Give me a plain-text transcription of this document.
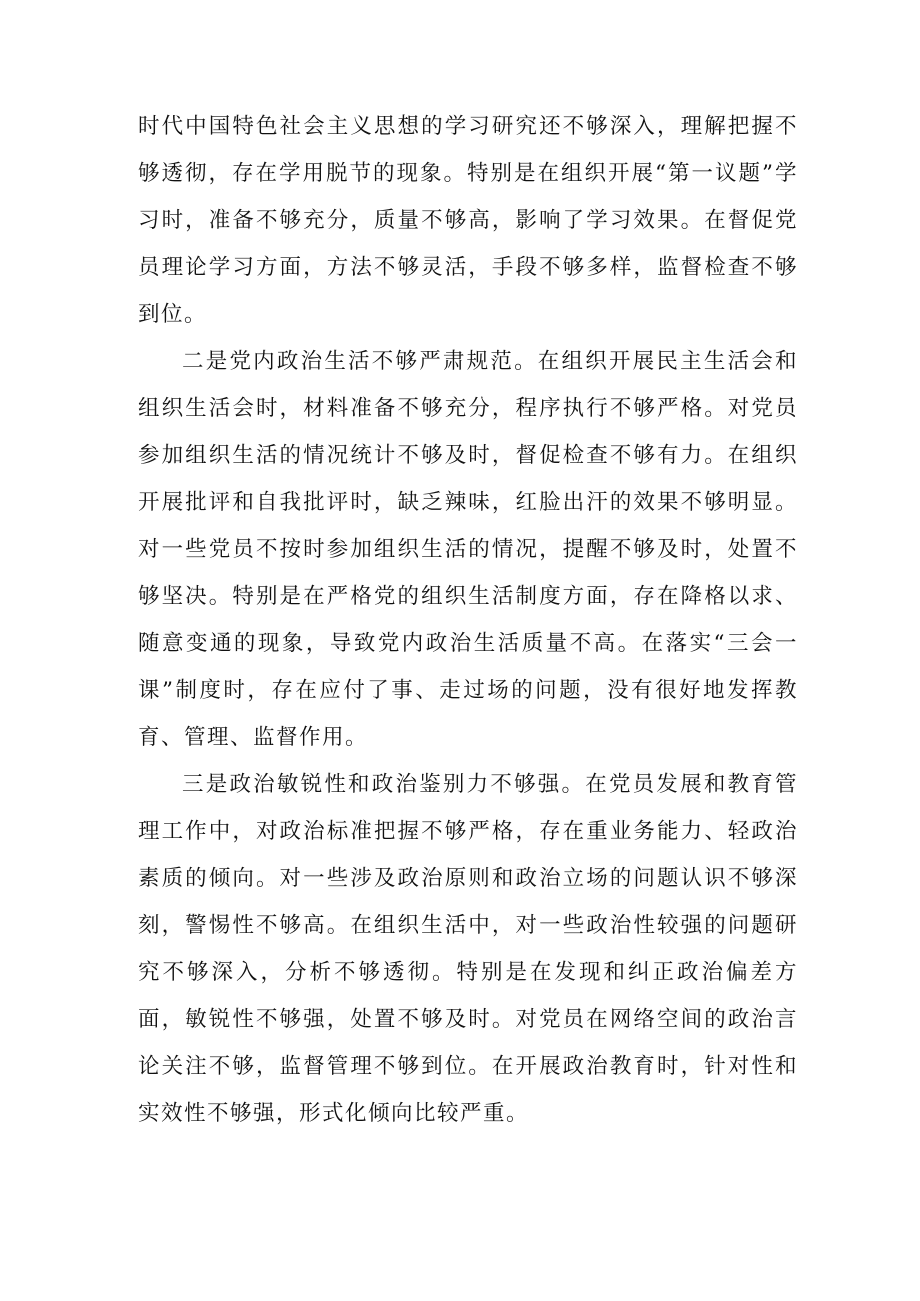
时代中国特色社会主义思想的学习研究还不够深入，理解把握不够透彻，存在学用脱节的现象。特别是在组织开展“第一议题”学习时，准备不够充分，质量不够高，影响了学习效果。在督促党员理论学习方面，方法不够灵活，手段不够多样，监督检查不够到位。

二是党内政治生活不够严肃规范。在组织开展民主生活会和组织生活会时，材料准备不够充分，程序执行不够严格。对党员参加组织生活的情况统计不够及时，督促检查不够有力。在组织开展批评和自我批评时，缺乏辣味，红脸出汗的效果不够明显。对一些党员不按时参加组织生活的情况，提醒不够及时，处置不够坚决。特别是在严格党的组织生活制度方面，存在降格以求、随意变通的现象，导致党内政治生活质量不高。在落实“三会一课”制度时，存在应付了事、走过场的问题，没有很好地发挥教育、管理、监督作用。

三是政治敏锐性和政治鉴别力不够强。在党员发展和教育管理工作中，对政治标准把握不够严格，存在重业务能力、轻政治素质的倾向。对一些涉及政治原则和政治立场的问题认识不够深刻，警惕性不够高。在组织生活中，对一些政治性较强的问题研究不够深入，分析不够透彻。特别是在发现和纠正政治偏差方面，敏锐性不够强，处置不够及时。对党员在网络空间的政治言论关注不够，监督管理不够到位。在开展政治教育时，针对性和实效性不够强，形式化倾向比较严重。
